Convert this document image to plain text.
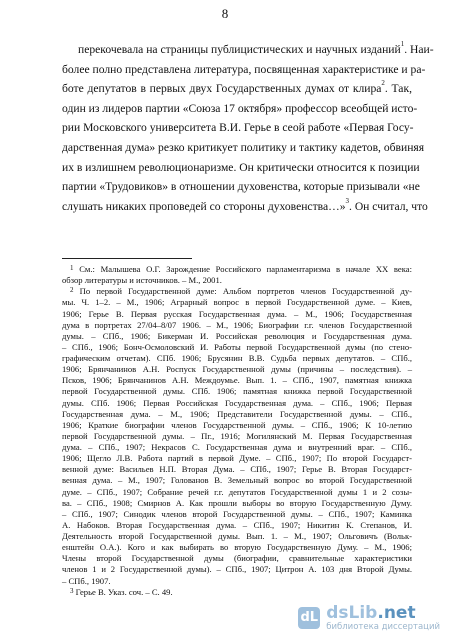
8
перекочевала на страницы публицистических и научных изданий$^1$. Наи-
более полно представлена литература, посвященная характеристике и ра-
боте депутатов в первых двух Государственных думах от клира$^2$. Так,
один из лидеров партии «Союза 17 октября» профессор всеобщей исто-
рии Московского университета В.И. Герье в сеой работе «Первая Госу-
дарственная дума» резко критикует политику и тактику кадетов, обвиняя
их в излишнем революционаризме. Он критически относится к позиции
партии «Трудовиков» в отношении духовенства, которые призывали «не
слушать никаких проповедей со стороны духовенства…»$^3$. Он считал, что
$^1$ См.: Малышева О.Г. Зарождение Российского парламентаризма в начале ХХ века:
обзор литературы и источников. – М., 2001.
$^2$ По первой Государственной думе: Альбом портретов членов Государственной ду-
мы. Ч. 1–2. – М., 1906; Аграрный вопрос в первой Государственной думе. – Киев,
1906; Герье В. Первая русская Государственная дума. – М., 1906; Государственная
дума в портретах 27/04–8/07 1906. – М., 1906; Биографии г.г. членов Государственной
думы. – СПб., 1906; Бикерман И. Российская революция и Государственная дума.
– СПб., 1906; Бонч-Осмоловский И. Работы первой Государственной думы (по стено-
графическим отчетам). СПб. 1906; Брусянин В.В. Судьба первых депутатов. – СПб.,
1906; Брянчанинов А.Н. Роспуск Государственной думы (причины – последствия). –
Псков, 1906; Брянчанинов А.Н. Междоумье. Вып. 1. – СПб., 1907, памятная книжка
первой Государственной думы. СПб. 1906; памятная книжка первой Государственной
думы. СПб. 1906; Первая Российская Государственная дума. – СПб., 1906; Первая
Государственная дума. – М., 1906; Представители Государственной думы. – СПб.,
1906; Краткие биографии членов Государственной думы. – СПб., 1906; К 10-летию
первой Государственной думы. – Пг., 1916; Могилянский М. Первая Государственная
дума. – СПб., 1907; Некрасов С. Государственная дума и внутренний враг. – СПб.,
1906; Щегло Л.В. Работа партий в первой Думе. – СПб., 1907; По второй Государст-
венной думе: Васильев Н.П. Вторая Дума. – СПб., 1907; Герье В. Вторая Государст-
венная дума. – М., 1907; Голованов В. Земельный вопрос во второй Государственной
думе. – СПб., 1907; Собрание речей г.г. депутатов Государственной думы 1 и 2 созы-
ва. – СПб., 1908; Смирнов А. Как прошли выборы во вторую Государственную Думу.
– СПб., 1907; Синодик членов второй Государственной думы. – СПб., 1907; Каминка
А. Набоков. Вторая Государственная дума. – СПб., 1907; Никитин К. Степанов, И.
Деятельность второй Государственной думы. Вып. 1. – М., 1907; Ольговичъ (Вольк-
енштейн О.А.). Кого и как выбирать во вторую Государственную Думу. – М., 1906;
Члены второй Государственной думы (биографии, сравнительные характеристики
членов 1 и 2 Государственной думы). – СПб., 1907; Цитрон А. 103 дня Второй Думы.
– СПб., 1907.
$^3$ Герье В. Указ. соч. – С. 49.
dL dsLib.net
библиотека диссертаций
